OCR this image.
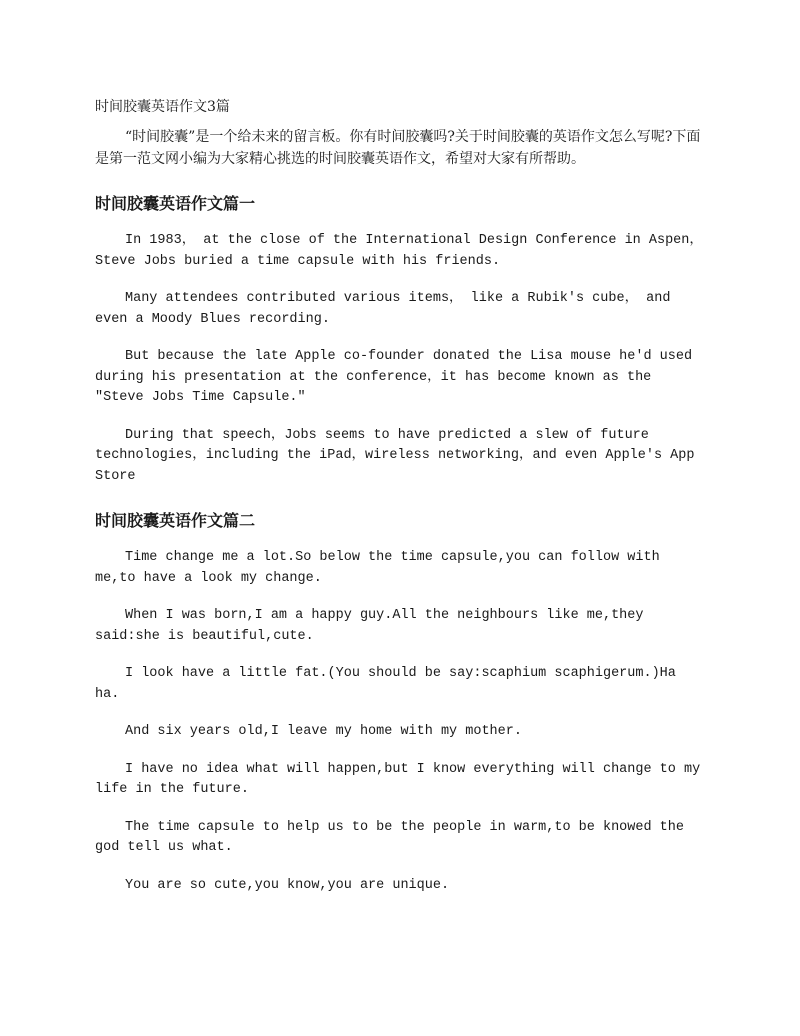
时间胶囊英语作文3篇

“时间胶囊”是一个给未来的留言板。你有时间胶囊吗?关于时间胶囊的英语作文怎么写呢?下面是第一范文网小编为大家精心挑选的时间胶囊英语作文，希望对大家有所帮助。

时间胶囊英语作文篇一

In 1983， at the close of the International Design Conference in Aspen，Steve Jobs buried a time capsule with his friends.

Many attendees contributed various items， like a Rubik's cube， and even a Moody Blues recording.

But because the late Apple co-founder donated the Lisa mouse he'd used during his presentation at the conference，it has become known as the "Steve Jobs Time Capsule."

During that speech，Jobs seems to have predicted a slew of future technologies，including the iPad，wireless networking，and even Apple's App Store

时间胶囊英语作文篇二

Time change me a lot.So below the time capsule,you can follow with me,to have a look my change.

When I was born,I am a happy guy.All the neighbours like me,they said:she is beautiful,cute.

I look have a little fat.(You should be say:scaphium scaphigerum.)Ha ha.

And six years old,I leave my home with my mother.

I have no idea what will happen,but I know everything will change to my life in the future.

The time capsule to help us to be the people in warm,to be knowed the god tell us what.

You are so cute,you know,you are unique.
